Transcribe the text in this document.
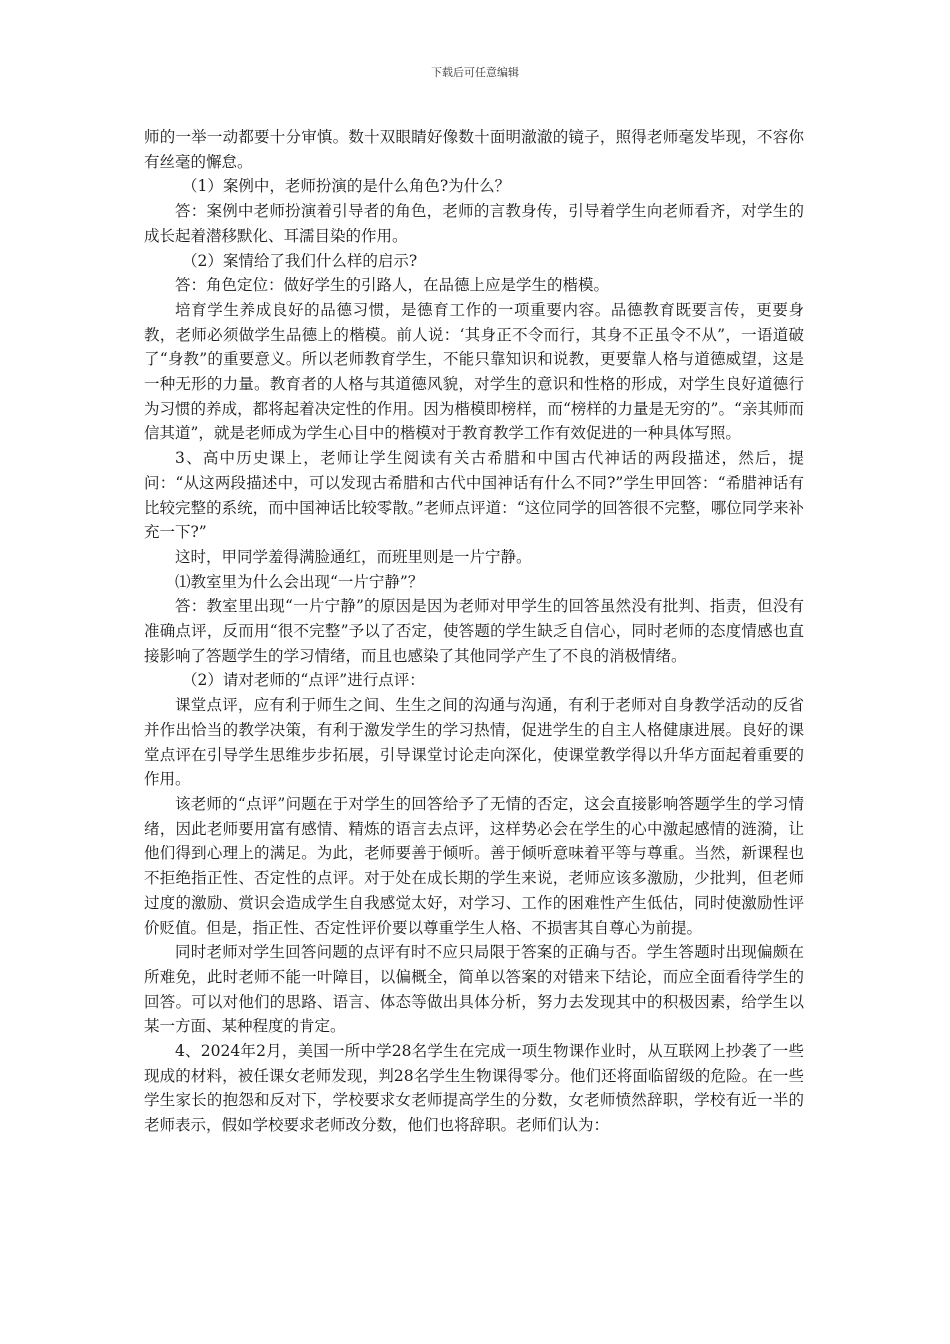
下载后可任意编辑

师的一举一动都要十分审慎。数十双眼睛好像数十面明澈澈的镜子，照得老师毫发毕现，不容你有丝毫的懈怠。

（1）案例中，老师扮演的是什么角色?为什么？

答：案例中老师扮演着引导者的角色，老师的言教身传，引导着学生向老师看齐，对学生的成长起着潜移默化、耳濡目染的作用。

（2）案情给了我们什么样的启示?

答：角色定位：做好学生的引路人，在品德上应是学生的楷模。

培育学生养成良好的品德习惯，是德育工作的一项重要内容。品德教育既要言传，更要身教，老师必须做学生品德上的楷模。前人说：‘其身正不令而行，其身不正虽令不从”，一语道破了“身教”的重要意义。所以老师教育学生，不能只靠知识和说教，更要靠人格与道德威望，这是一种无形的力量。教育者的人格与其道德风貌，对学生的意识和性格的形成，对学生良好道德行为习惯的养成，都将起着决定性的作用。因为楷模即榜样，而“榜样的力量是无穷的”。“亲其师而信其道”，就是老师成为学生心目中的楷模对于教育教学工作有效促进的一种具体写照。

3、高中历史课上，老师让学生阅读有关古希腊和中国古代神话的两段描述，然后，提问：“从这两段描述中，可以发现古希腊和古代中国神话有什么不同?”学生甲回答：“希腊神话有比较完整的系统，而中国神话比较零散。”老师点评道：“这位同学的回答很不完整，哪位同学来补充一下?”

这时，甲同学羞得满脸通红，而班里则是一片宁静。

⑴教室里为什么会出现“一片宁静”？

答：教室里出现“一片宁静”的原因是因为老师对甲学生的回答虽然没有批判、指责，但没有准确点评，反而用“很不完整”予以了否定，使答题的学生缺乏自信心，同时老师的态度情感也直接影响了答题学生的学习情绪，而且也感染了其他同学产生了不良的消极情绪。

（2）请对老师的“点评”进行点评：

课堂点评，应有利于师生之间、生生之间的沟通与沟通，有利于老师对自身教学活动的反省并作出恰当的教学决策，有利于激发学生的学习热情，促进学生的自主人格健康进展。良好的课堂点评在引导学生思维步步拓展，引导课堂讨论走向深化，使课堂教学得以升华方面起着重要的作用。

该老师的“点评”问题在于对学生的回答给予了无情的否定，这会直接影响答题学生的学习情绪，因此老师要用富有感情、精炼的语言去点评，这样势必会在学生的心中激起感情的涟漪，让他们得到心理上的满足。为此，老师要善于倾听。善于倾听意味着平等与尊重。当然，新课程也不拒绝指正性、否定性的点评。对于处在成长期的学生来说，老师应该多激励，少批判，但老师过度的激励、赏识会造成学生自我感觉太好，对学习、工作的困难性产生低估，同时使激励性评价贬值。但是，指正性、否定性评价要以尊重学生人格、不损害其自尊心为前提。

同时老师对学生回答问题的点评有时不应只局限于答案的正确与否。学生答题时出现偏颇在所难免，此时老师不能一叶障目，以偏概全，简单以答案的对错来下结论，而应全面看待学生的回答。可以对他们的思路、语言、体态等做出具体分析，努力去发现其中的积极因素，给学生以某一方面、某种程度的肯定。

4、2024年2月，美国一所中学28名学生在完成一项生物课作业时，从互联网上抄袭了一些现成的材料，被任课女老师发现，判28名学生生物课得零分。他们还将面临留级的危险。在一些学生家长的抱怨和反对下，学校要求女老师提高学生的分数，女老师愤然辞职，学校有近一半的老师表示，假如学校要求老师改分数，他们也将辞职。老师们认为：
